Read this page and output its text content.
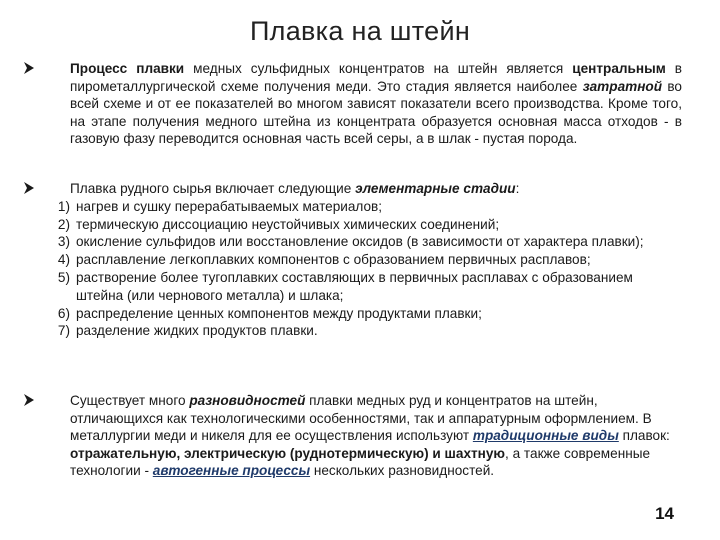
Плавка на штейн
Процесс плавки медных сульфидных концентратов на штейн является центральным в пирометаллургической схеме получения меди. Это стадия является наиболее затратной во всей схеме и от ее показателей во многом зависят показатели всего производства. Кроме того, на этапе получения медного штейна из концентрата образуется основная масса отходов - в газовую фазу переводится основная часть всей серы, а в шлак - пустая порода.
Плавка рудного сырья включает следующие элементарные стадии:
1) нагрев и сушку перерабатываемых материалов;
2) термическую диссоциацию неустойчивых химических соединений;
3) окисление сульфидов или восстановление оксидов (в зависимости от характера плавки);
4) расплавление легкоплавких компонентов с образованием первичных расплавов;
5) растворение более тугоплавких составляющих в первичных расплавах с образованием штейна (или чернового металла) и шлака;
6) распределение ценных компонентов между продуктами плавки;
7) разделение жидких продуктов плавки.
Существует много разновидностей плавки медных руд и концентратов на штейн, отличающихся как технологическими особенностями, так и аппаратурным оформлением. В металлургии меди и никеля для ее осуществления используют традиционные виды плавок: отражательную, электрическую (руднотермическую) и шахтную, а также современные технологии - автогенные процессы нескольких разновидностей.
14
